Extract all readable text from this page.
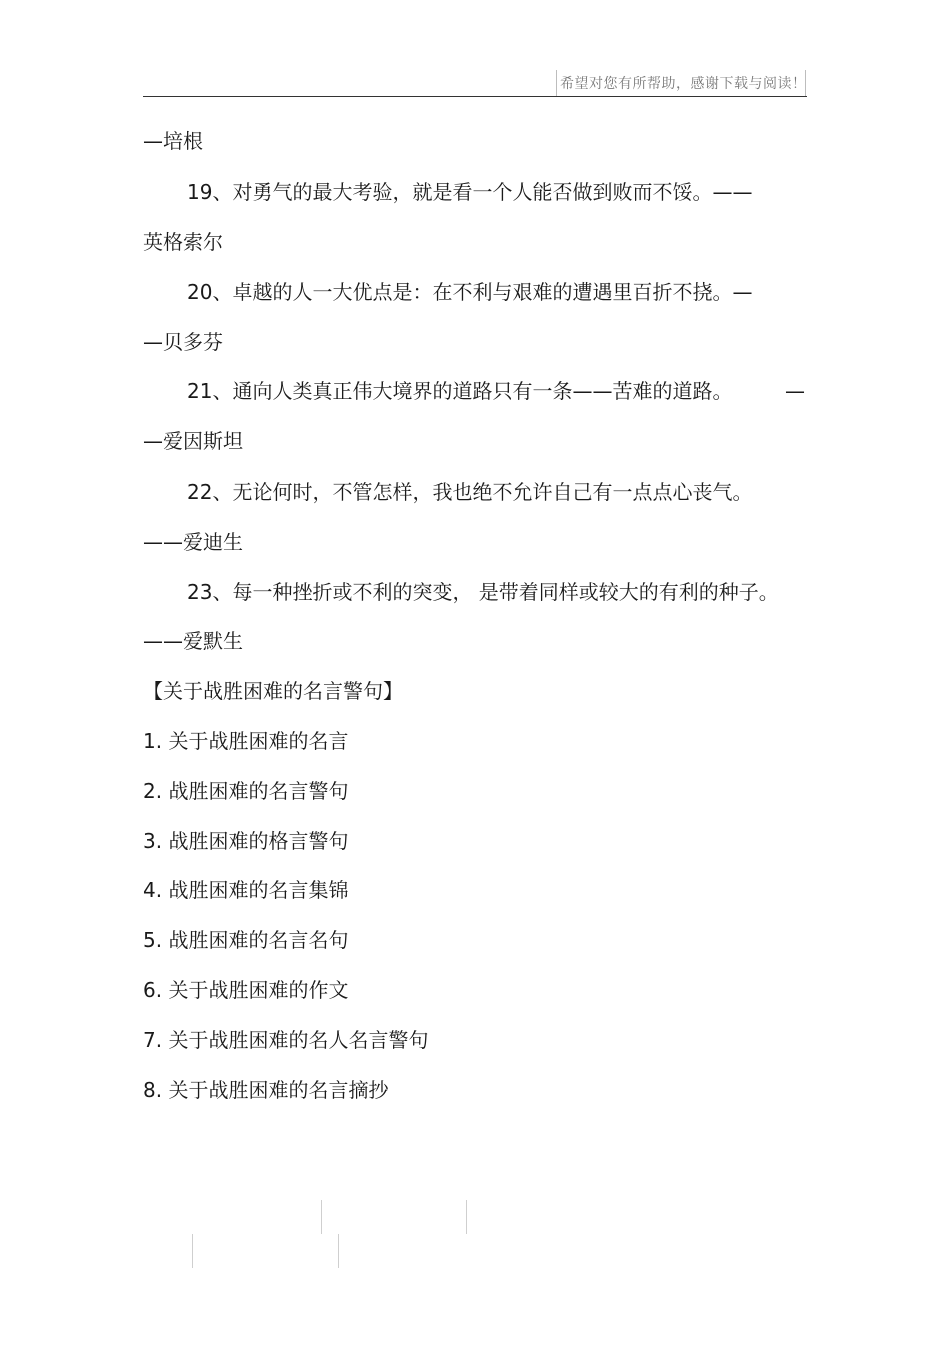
希望对您有所帮助，感谢下载与阅读！
—培根
19、对勇气的最大考验，就是看一个人能否做到败而不馁。——
英格索尔
20、卓越的人一大优点是：在不利与艰难的遭遇里百折不挠。—
—贝多芬
21、通向人类真正伟大境界的道路只有一条——苦难的道路。	—
—爱因斯坦
22、无论何时，不管怎样，我也绝不允许自己有一点点心丧气。
——爱迪生
23、每一种挫折或不利的突变， 是带着同样或较大的有利的种子。
——爱默生
【关于战胜困难的名言警句】
1. 关于战胜困难的名言
2. 战胜困难的名言警句
3. 战胜困难的格言警句
4. 战胜困难的名言集锦
5. 战胜困难的名言名句
6. 关于战胜困难的作文
7. 关于战胜困难的名人名言警句
8. 关于战胜困难的名言摘抄
